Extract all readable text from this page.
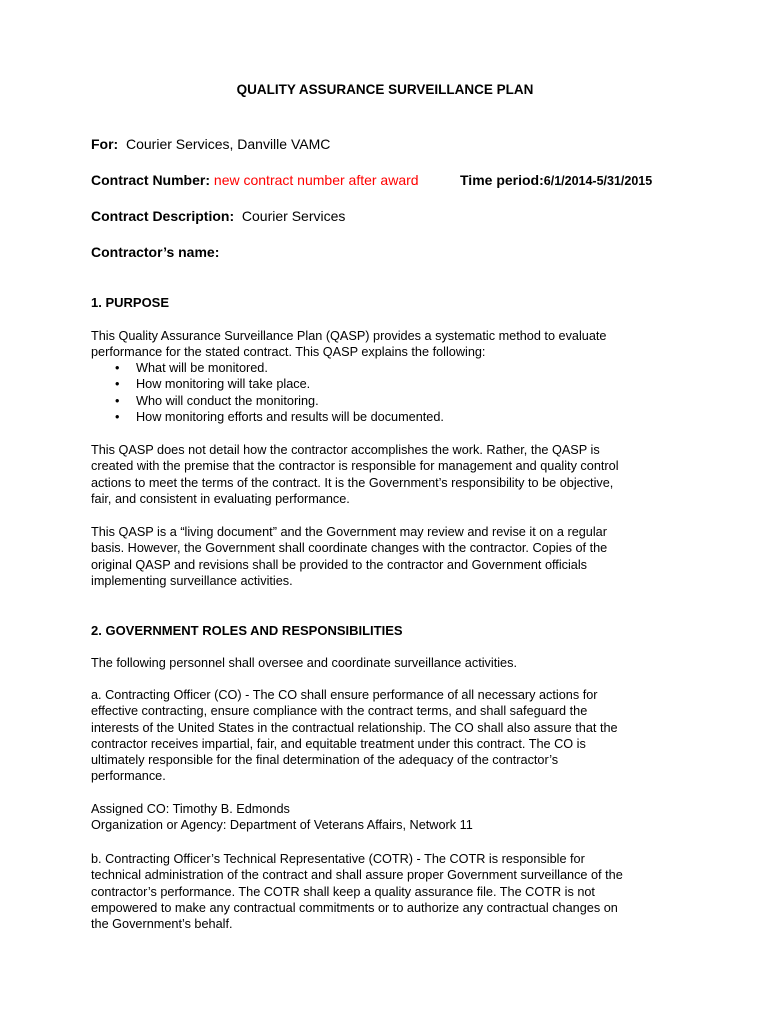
QUALITY ASSURANCE SURVEILLANCE PLAN
For: Courier Services, Danville VAMC
Contract Number: new contract number after award	Time period:6/1/2014-5/31/2015
Contract Description: Courier Services
Contractor’s name:
1. PURPOSE
This Quality Assurance Surveillance Plan (QASP) provides a systematic method to evaluate
performance for the stated contract. This QASP explains the following:
• What will be monitored.
• How monitoring will take place.
• Who will conduct the monitoring.
• How monitoring efforts and results will be documented.
This QASP does not detail how the contractor accomplishes the work. Rather, the QASP is
created with the premise that the contractor is responsible for management and quality control
actions to meet the terms of the contract. It is the Government’s responsibility to be objective,
fair, and consistent in evaluating performance.
This QASP is a “living document” and the Government may review and revise it on a regular
basis. However, the Government shall coordinate changes with the contractor. Copies of the
original QASP and revisions shall be provided to the contractor and Government officials
implementing surveillance activities.
2. GOVERNMENT ROLES AND RESPONSIBILITIES
The following personnel shall oversee and coordinate surveillance activities.
a. Contracting Officer (CO) - The CO shall ensure performance of all necessary actions for
effective contracting, ensure compliance with the contract terms, and shall safeguard the
interests of the United States in the contractual relationship. The CO shall also assure that the
contractor receives impartial, fair, and equitable treatment under this contract. The CO is
ultimately responsible for the final determination of the adequacy of the contractor’s
performance.
Assigned CO: Timothy B. Edmonds
Organization or Agency: Department of Veterans Affairs, Network 11
b. Contracting Officer’s Technical Representative (COTR) - The COTR is responsible for
technical administration of the contract and shall assure proper Government surveillance of the
contractor’s performance. The COTR shall keep a quality assurance file. The COTR is not
empowered to make any contractual commitments or to authorize any contractual changes on
the Government’s behalf.
